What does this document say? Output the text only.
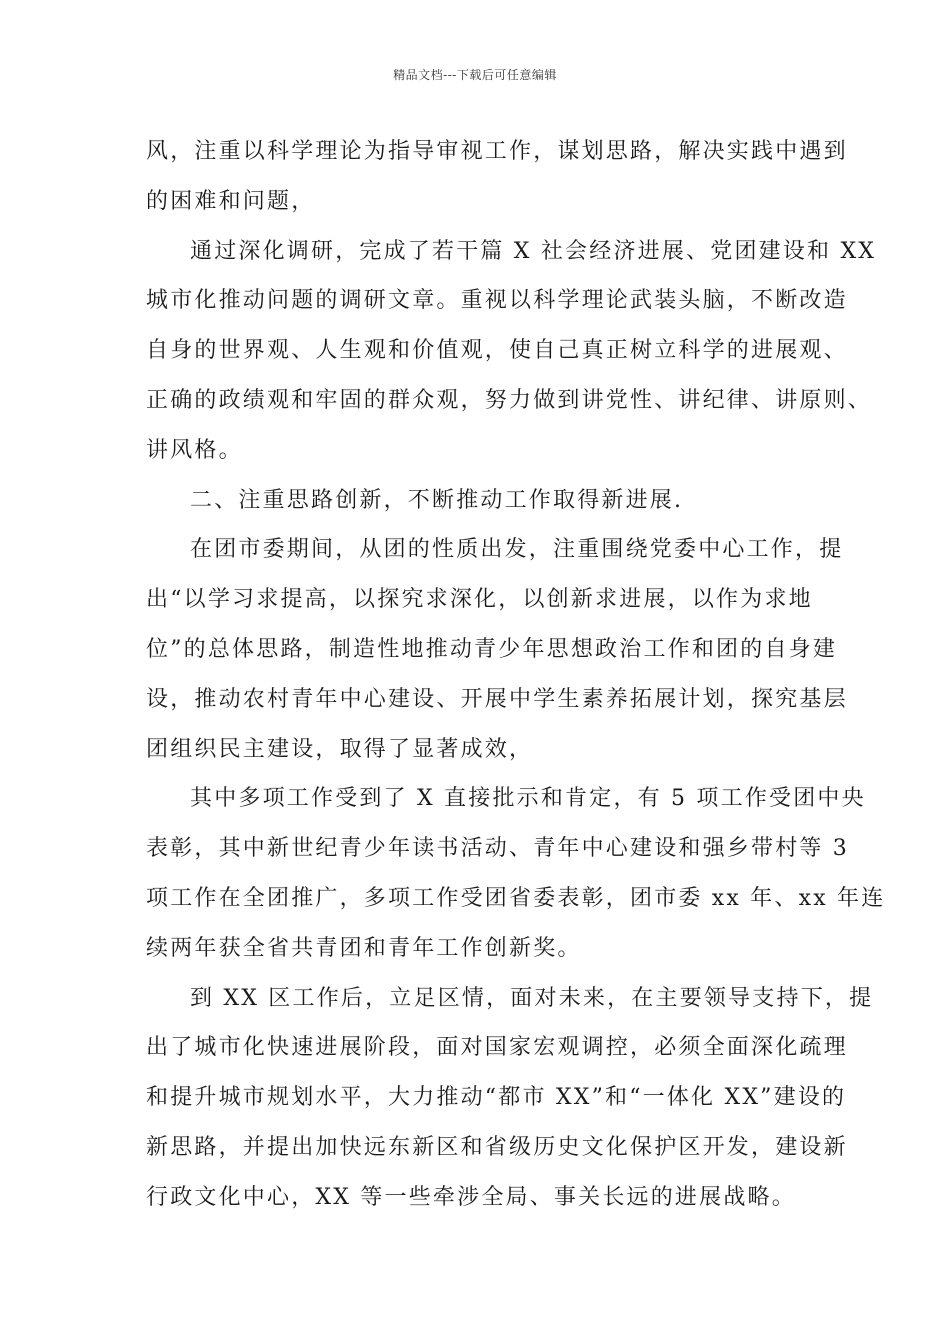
精品文档---下载后可任意编辑
风，注重以科学理论为指导审视工作，谋划思路，解决实践中遇到
的困难和问题，
通过深化调研，完成了若干篇 X 社会经济进展、党团建设和 XX
城市化推动问题的调研文章。重视以科学理论武装头脑，不断改造
自身的世界观、人生观和价值观，使自己真正树立科学的进展观、
正确的政绩观和牢固的群众观，努力做到讲党性、讲纪律、讲原则、
讲风格。
二、注重思路创新，不断推动工作取得新进展.
在团市委期间，从团的性质出发，注重围绕党委中心工作，提
出“以学习求提高，以探究求深化，以创新求进展，以作为求地
位”的总体思路，制造性地推动青少年思想政治工作和团的自身建
设，推动农村青年中心建设、开展中学生素养拓展计划，探究基层
团组织民主建设，取得了显著成效，
其中多项工作受到了 X 直接批示和肯定，有 5 项工作受团中央
表彰，其中新世纪青少年读书活动、青年中心建设和强乡带村等 3
项工作在全团推广，多项工作受团省委表彰，团市委 xx 年、xx 年连
续两年获全省共青团和青年工作创新奖。
到 XX 区工作后，立足区情，面对未来，在主要领导支持下，提
出了城市化快速进展阶段，面对国家宏观调控，必须全面深化疏理
和提升城市规划水平，大力推动“都市 XX”和“一体化 XX”建设的
新思路，并提出加快远东新区和省级历史文化保护区开发，建设新
行政文化中心，XX 等一些牵涉全局、事关长远的进展战略。
